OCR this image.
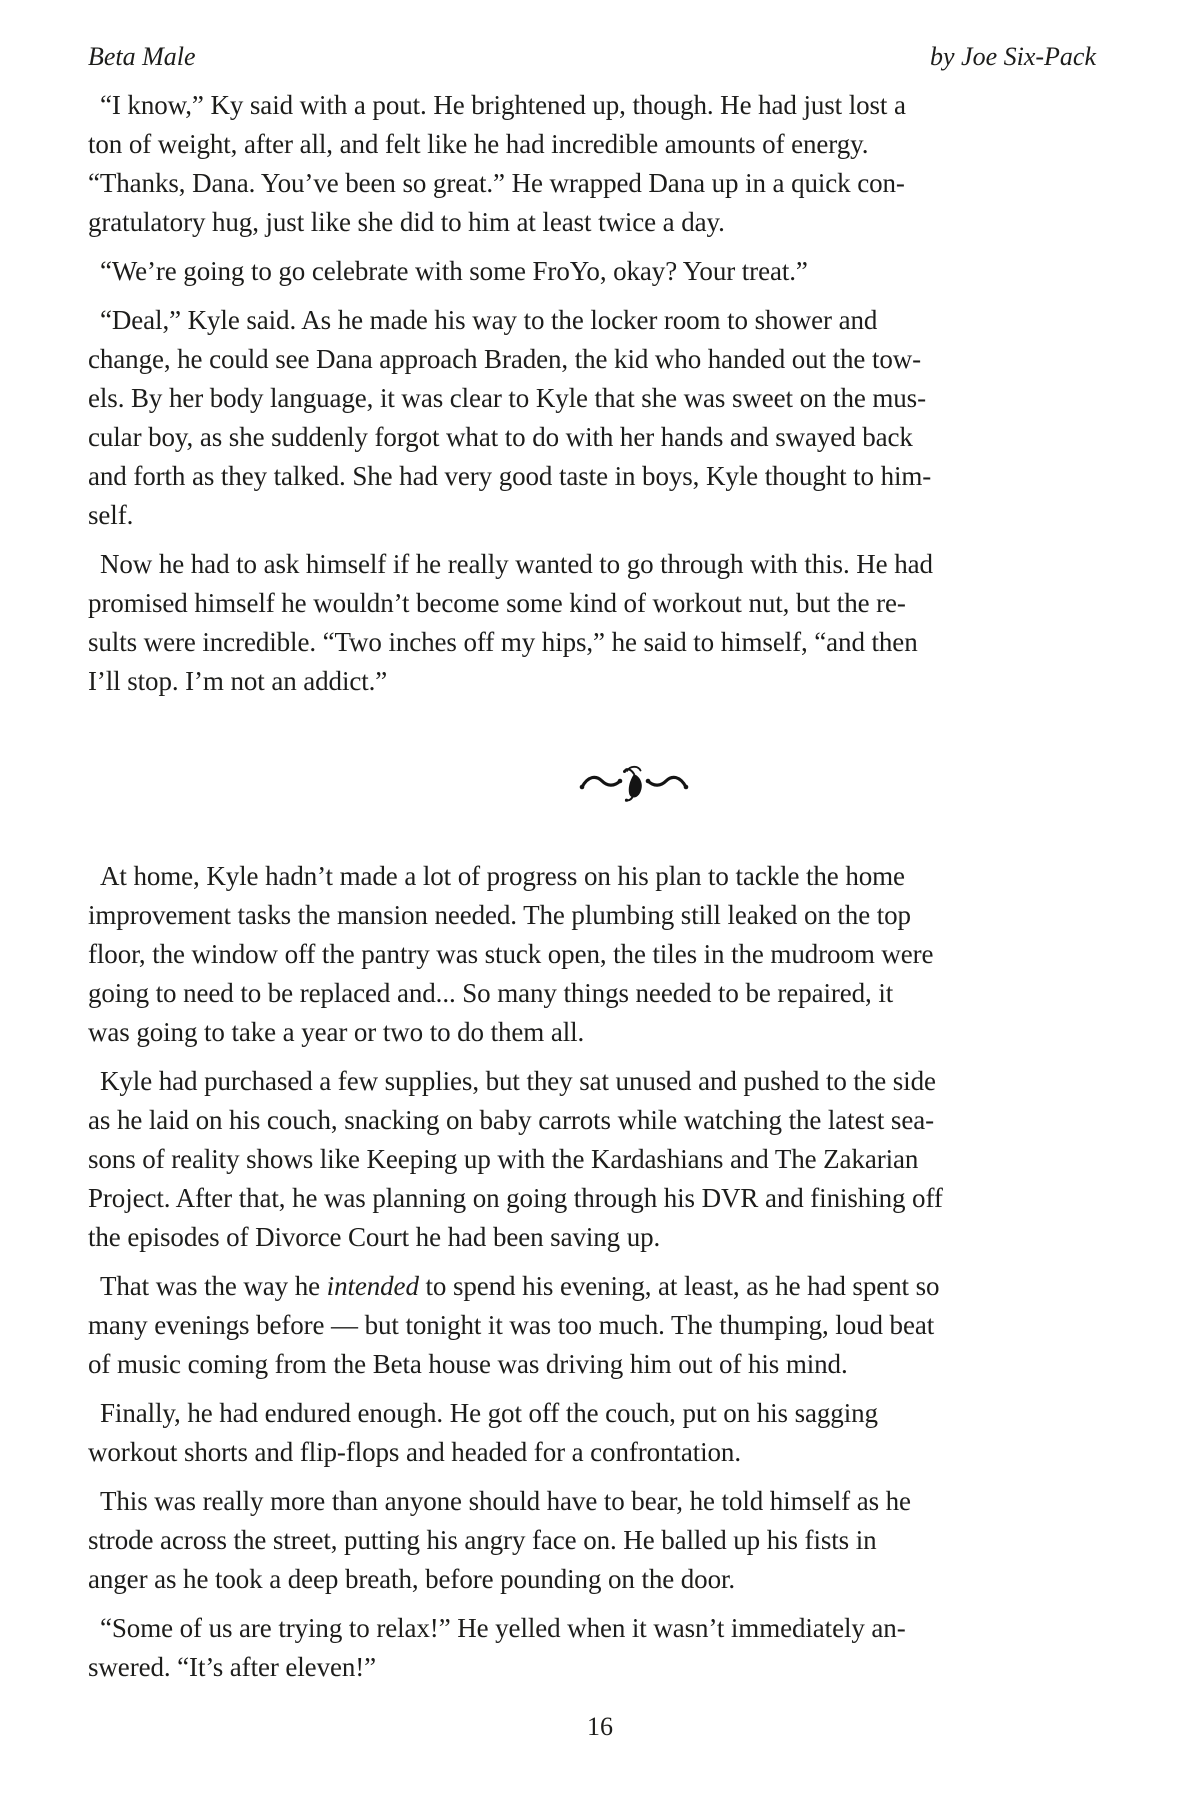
Beta Male	by Joe Six-Pack
“I know,” Ky said with a pout. He brightened up, though. He had just lost a
ton of weight, after all, and felt like he had incredible amounts of energy.
“Thanks, Dana. You’ve been so great.” He wrapped Dana up in a quick con-
gratulatory hug, just like she did to him at least twice a day.
“We’re going to go celebrate with some FroYo, okay? Your treat.”
“Deal,” Kyle said. As he made his way to the locker room to shower and
change, he could see Dana approach Braden, the kid who handed out the tow-
els. By her body language, it was clear to Kyle that she was sweet on the mus-
cular boy, as she suddenly forgot what to do with her hands and swayed back
and forth as they talked. She had very good taste in boys, Kyle thought to him-
self.
Now he had to ask himself if he really wanted to go through with this. He had
promised himself he wouldn’t become some kind of workout nut, but the re-
sults were incredible. “Two inches off my hips,” he said to himself, “and then
I’ll stop. I’m not an addict.”
At home, Kyle hadn’t made a lot of progress on his plan to tackle the home
improvement tasks the mansion needed. The plumbing still leaked on the top
floor, the window off the pantry was stuck open, the tiles in the mudroom were
going to need to be replaced and... So many things needed to be repaired, it
was going to take a year or two to do them all.
Kyle had purchased a few supplies, but they sat unused and pushed to the side
as he laid on his couch, snacking on baby carrots while watching the latest sea-
sons of reality shows like Keeping up with the Kardashians and The Zakarian
Project. After that, he was planning on going through his DVR and finishing off
the episodes of Divorce Court he had been saving up.
That was the way he intended to spend his evening, at least, as he had spent so
many evenings before — but tonight it was too much. The thumping, loud beat
of music coming from the Beta house was driving him out of his mind.
Finally, he had endured enough. He got off the couch, put on his sagging
workout shorts and flip-flops and headed for a confrontation.
This was really more than anyone should have to bear, he told himself as he
strode across the street, putting his angry face on. He balled up his fists in
anger as he took a deep breath, before pounding on the door.
“Some of us are trying to relax!” He yelled when it wasn’t immediately an-
swered. “It’s after eleven!”
16
